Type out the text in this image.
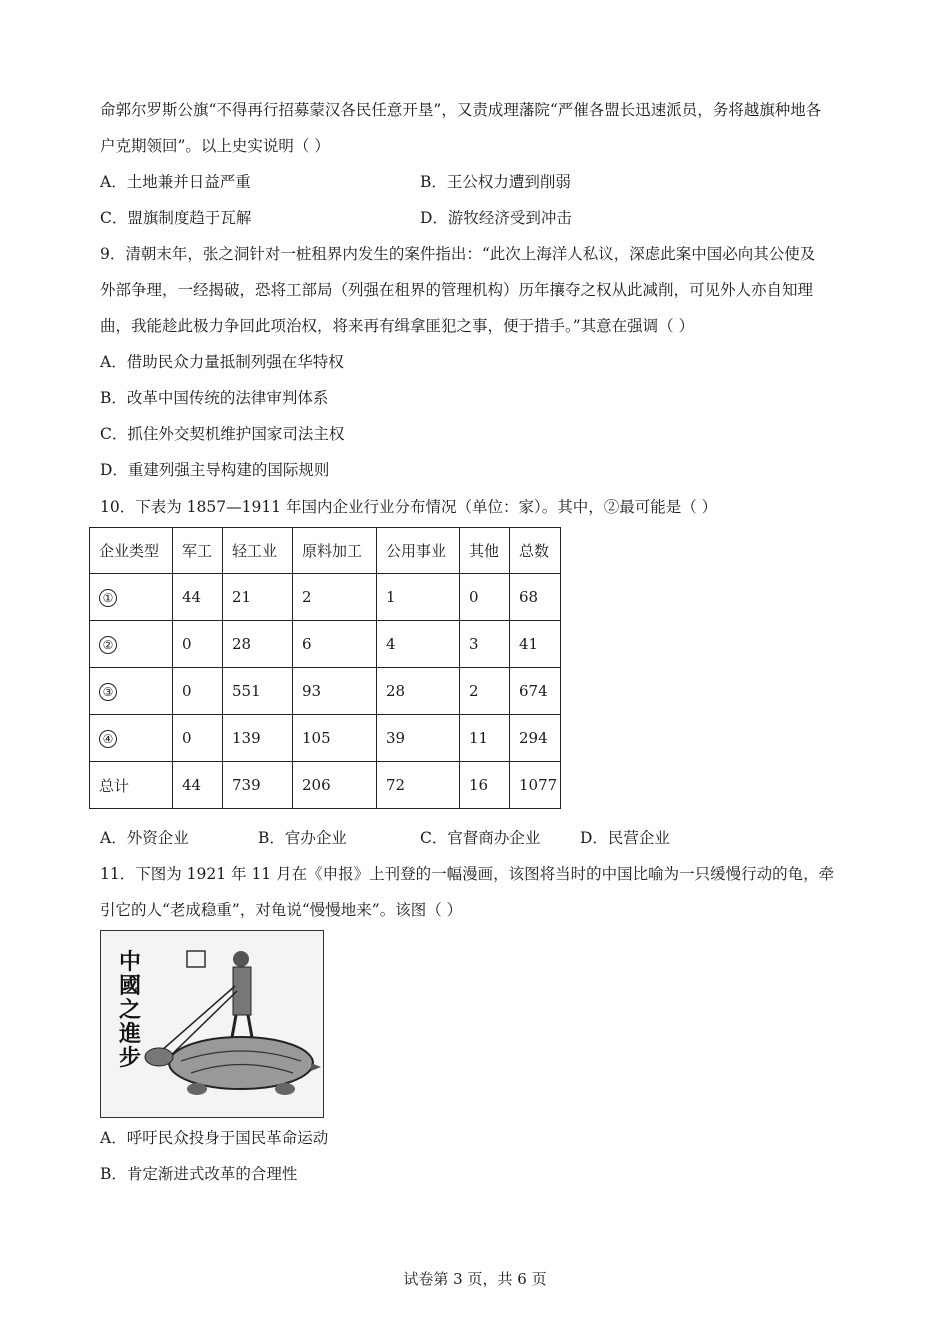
命郭尔罗斯公旗“不得再行招募蒙汉各民任意开垦”，又责成理藩院“严催各盟长迅速派员，务将越旗种地各
户克期领回”。以上史实说明（ ）
A．土地兼并日益严重	B．王公权力遭到削弱
C．盟旗制度趋于瓦解	D．游牧经济受到冲击
9．清朝末年，张之洞针对一桩租界内发生的案件指出：“此次上海洋人私议，深虑此案中国必向其公使及
外部争理，一经揭破，恐将工部局（列强在租界的管理机构）历年攘夺之权从此减削，可见外人亦自知理
曲，我能趁此极力争回此项治权，将来再有缉拿匪犯之事，便于措手。”其意在强调（ ）
A．借助民众力量抵制列强在华特权
B．改革中国传统的法律审判体系
C．抓住外交契机维护国家司法主权
D．重建列强主导构建的国际规则
10．下表为 1857—1911 年国内企业行业分布情况（单位：家）。其中，②最可能是（ ）
企业类型	军工	轻工业	原料加工	公用事业	其他	总数
①	44	21	2	1	0	68
②	0	28	6	4	3	41
③	0	551	93	28	2	674
④	0	139	105	39	11	294
总计	44	739	206	72	16	1077
A．外资企业	B．官办企业	C．官督商办企业	D．民营企业
11．下图为 1921 年 11 月在《申报》上刊登的一幅漫画，该图将当时的中国比喻为一只缓慢行动的龟，牵
引它的人“老成稳重”，对龟说“慢慢地来”。该图（ ）
中
國
之
進
步
A．呼吁民众投身于国民革命运动
B．肯定渐进式改革的合理性
试卷第 3 页，共 6 页
